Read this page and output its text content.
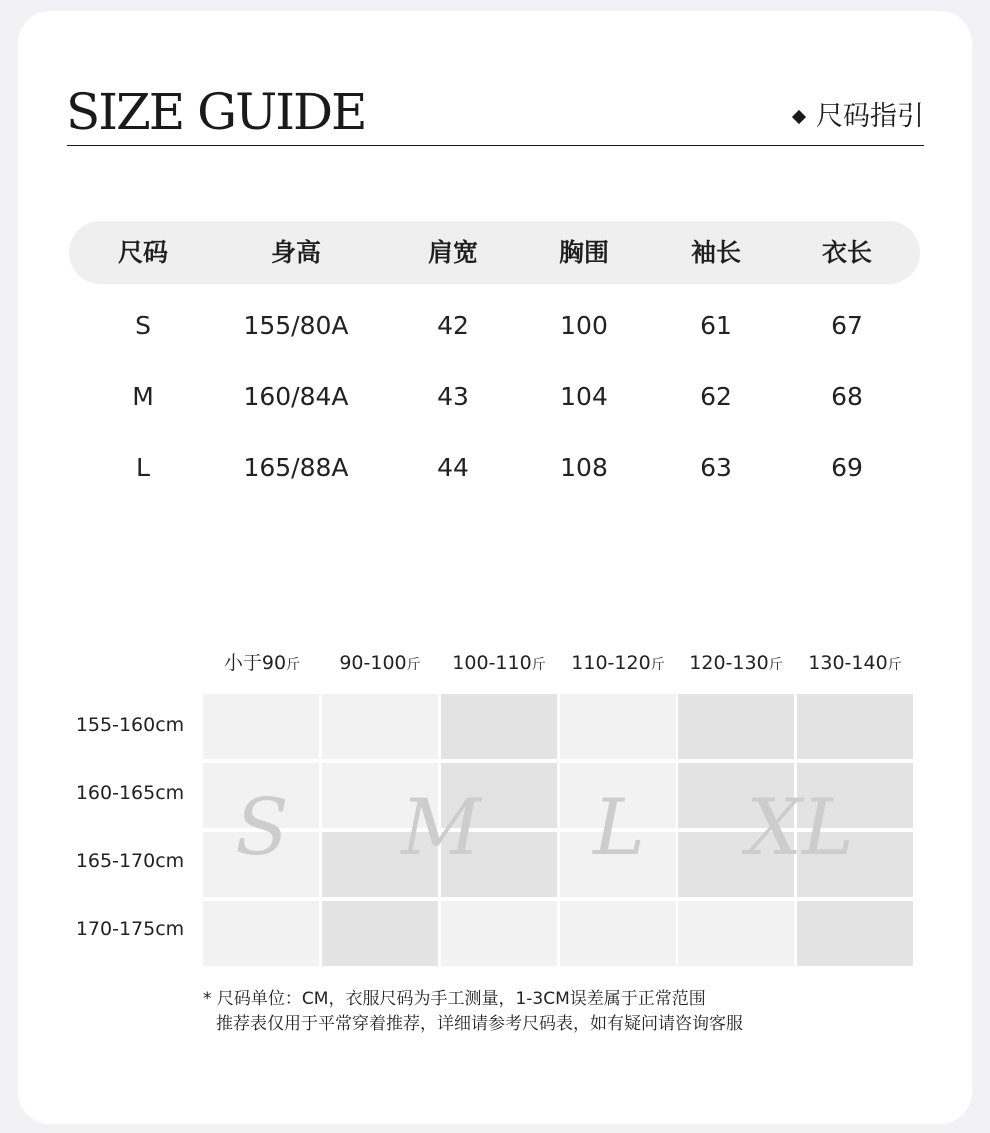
SIZE GUIDE	尺码指引
尺码	身高	肩宽	胸围	袖长	衣长
S	155/80A	42	100	61	67
M	160/84A	43	104	62	68
L	165/88A	44	108	63	69
小于90斤	90-100斤	100-110斤	110-120斤	120-130斤	130-140斤
155-160cm
160-165cm
165-170cm
170-175cm
S	M	L	XL
* 尺码单位：CM，衣服尺码为手工测量，1-3CM误差属于正常范围
推荐表仅用于平常穿着推荐，详细请参考尺码表，如有疑问请咨询客服
